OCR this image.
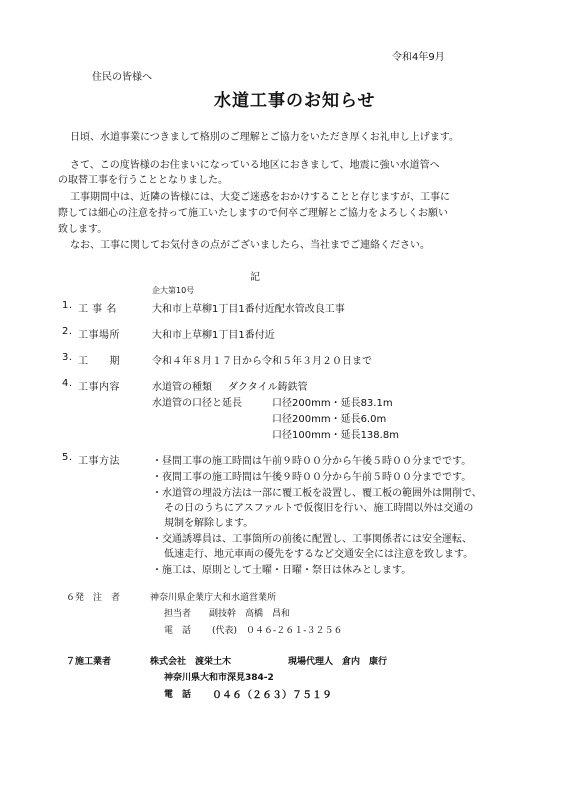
令和4年9月
住民の皆様へ
水道工事のお知らせ
日頃、水道事業につきまして格別のご理解とご協力をいただき厚くお礼申し上げます。
さて、この度皆様のお住まいになっている地区におきまして、地震に強い水道管へ
の取替工事を行うこととなりました。
工事期間中は、近隣の皆様には、大変ご迷惑をおかけすることと存じますが、工事に
際しては細心の注意を持って施工いたしますので何卒ご理解とご協力をよろしくお願い
致します。
なお、工事に関してお気付きの点がございましたら、当社までご連絡ください。
記
企大第10号
1. 工 事 名	大和市上草柳1丁目1番付近配水管改良工事
2. 工事場所	大和市上草柳1丁目1番付近
3. 工　　期	令和４年８月１７日から令和５年３月２０日まで
4. 工事内容	水道管の種類 ダクタイル鋳鉄管
水道管の口径と延長	口径200mm・延長83.1m
口径200mm・延長6.0m
口径100mm・延長138.8m
5. 工事方法	・昼間工事の施工時間は午前９時００分から午後５時００分までです。
・夜間工事の施工時間は午後９時００分から午前５時００分までです。
・水道管の埋設方法は一部に覆工板を設置し、覆工板の範囲外は開削で、
その日のうちにアスファルトで仮復旧を行い、施工時間以外は交通の
規制を解除します。
・交通誘導員は、工事箇所の前後に配置し、工事関係者には安全運転、
低速走行、地元車両の優先をするなど交通安全には注意を致します。
・施工は、原則として土曜・日曜・祭日は休みとします。
６発　注　者	神奈川県企業庁大和水道営業所
担当者　　副技幹　高橋　昌和
電　話 (代表)　０４６-２６１-３２５６
７施工業者	株式会社　渡栄土木	現場代理人　倉内　康行
神奈川県大和市深見384-2
電　話 ０４６（２６３）７５１９
